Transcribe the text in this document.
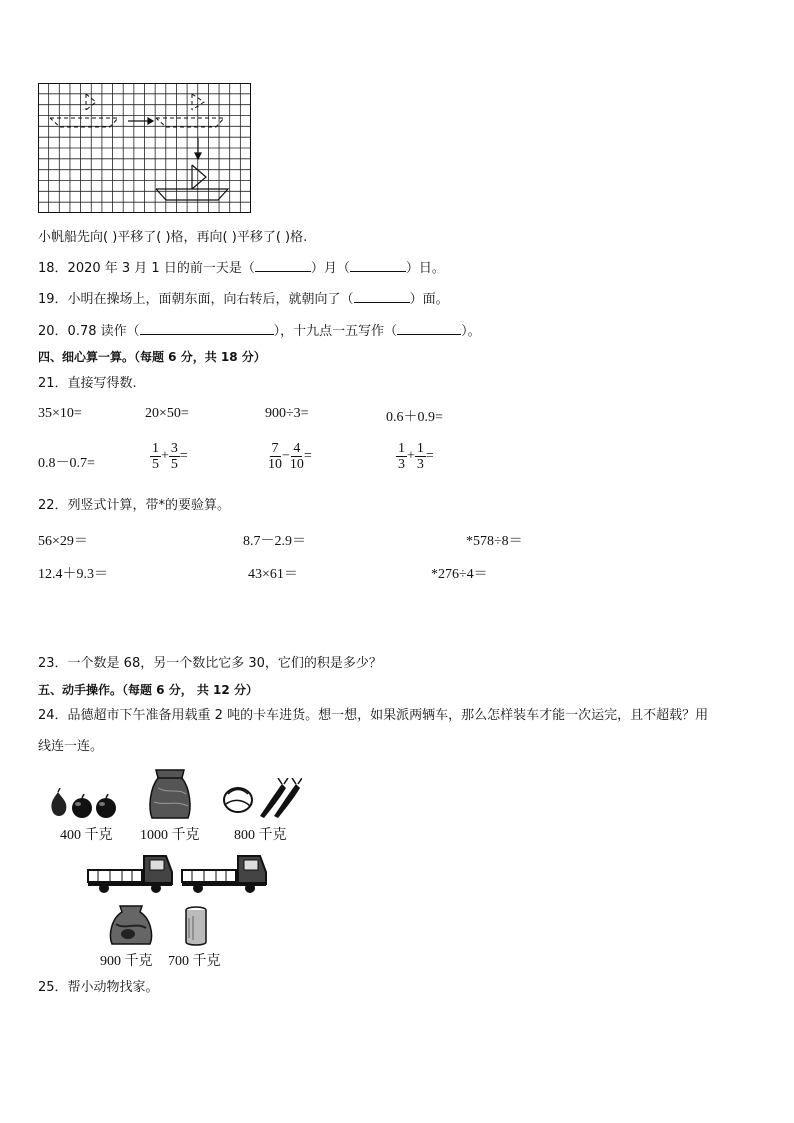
小帆船先向( )平移了( )格，再向( )平移了( )格.
18．2020 年 3 月 1 日的前一天是（	）月（	）日。
19．小明在操场上，面朝东面，向右转后，就朝向了（	）面。
20．0.78 读作（	），十九点一五写作（	）。
四、细心算一算。（每题 6 分，共 18 分）
21．直接写得数.
35×10=	20×50=	900÷3=	0.6＋0.9=
0.8－0.7=	$\frac{1}{5} + \frac{3}{5}$ =	$\frac{7}{10} - \frac{4}{10}$ =	$\frac{1}{3} + \frac{1}{3}$ =
22．列竖式计算，带*的要验算。
56×29＝	8.7－2.9＝	*578÷8＝
12.4＋9.3＝	43×61＝	*276÷4＝
23．一个数是 68，另一个数比它多 30，它们的积是多少？
五、动手操作。（每题 6 分， 共 12 分）
24．品德超市下午准备用载重 2 吨的卡车进货。想一想，如果派两辆车，那么怎样装车才能一次运完，且不超载？用
线连一连。
400 千克 1000 千克 800 千克
900 千克 700 千克
25．帮小动物找家。
